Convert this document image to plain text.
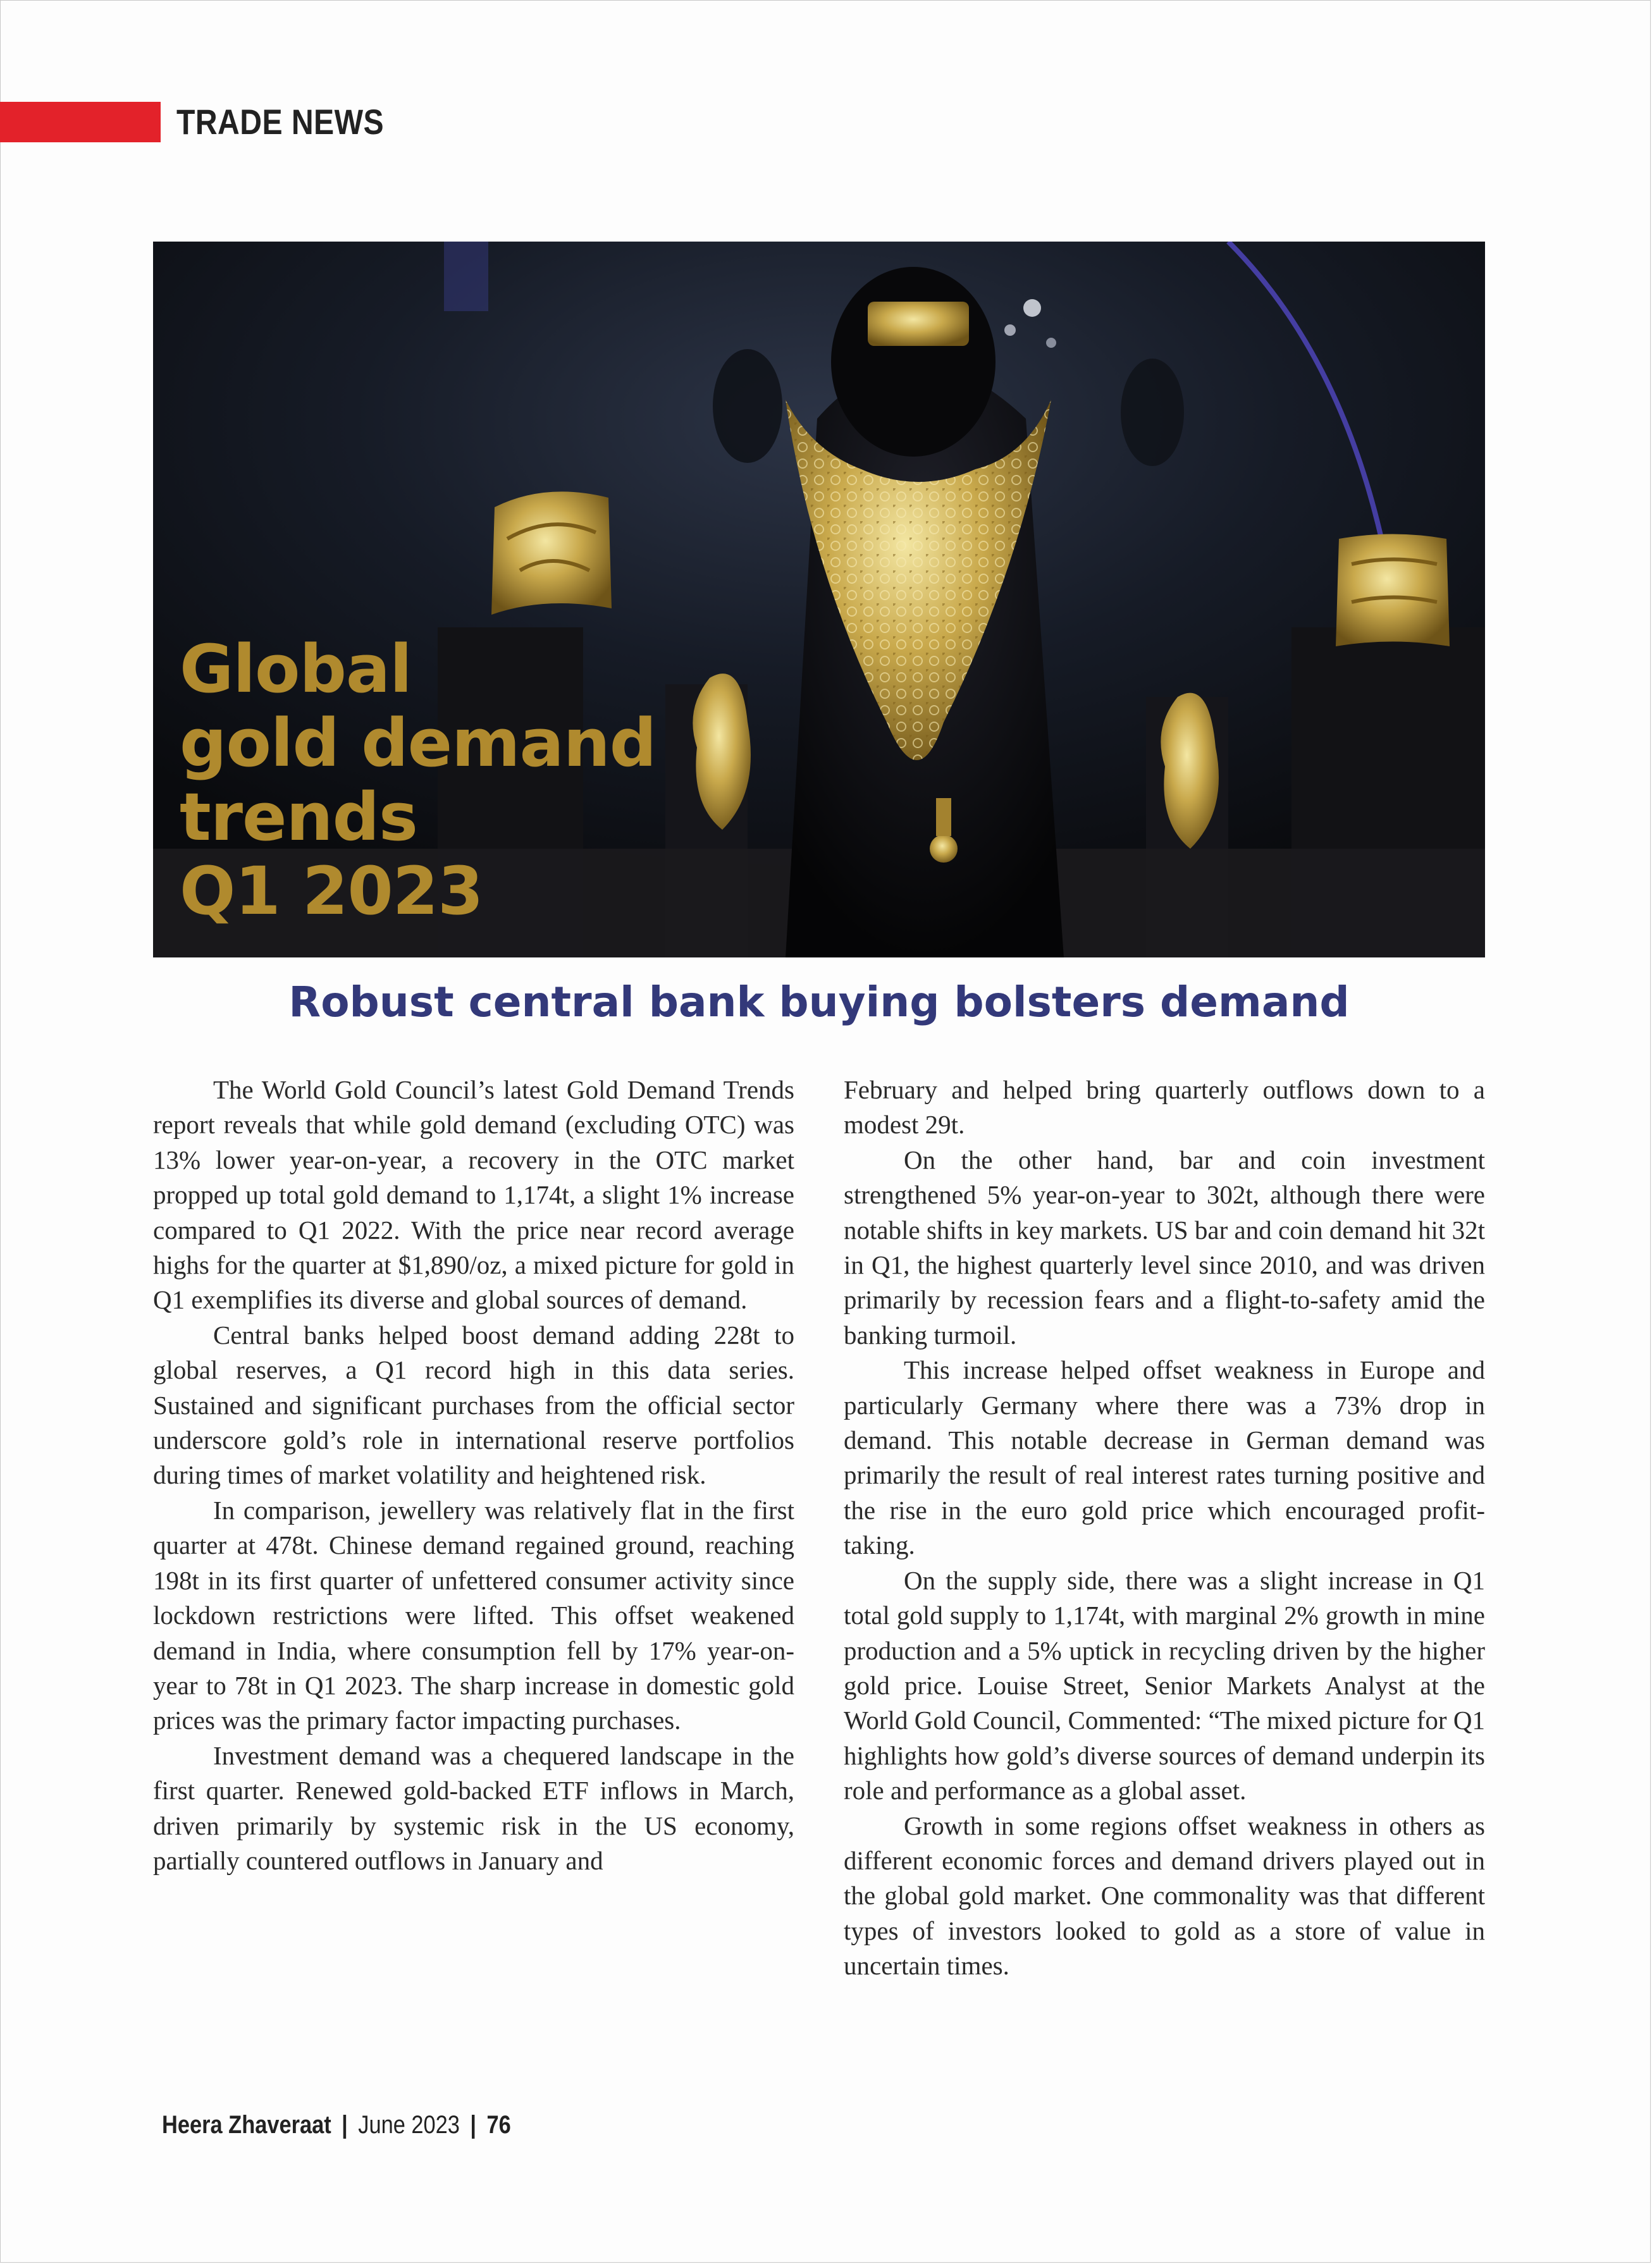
TRADE NEWS
Global
gold demand
trends
Q1 2023
Robust central bank buying bolsters demand

The World Gold Council’s latest Gold Demand Trends report reveals that while gold demand (excluding OTC) was 13% lower year-on-year, a recovery in the OTC market propped up total gold demand to 1,174t, a slight 1% increase compared to Q1 2022. With the price near record average highs for the quarter at $1,890/oz, a mixed picture for gold in Q1 exemplifies its diverse and global sources of demand.

Central banks helped boost demand adding 228t to global reserves, a Q1 record high in this data series. Sustained and significant purchases from the official sector underscore gold’s role in international reserve portfolios during times of market volatility and heightened risk.

In comparison, jewellery was relatively flat in the first quarter at 478t. Chinese demand regained ground, reaching 198t in its first quarter of unfettered consumer activity since lockdown restrictions were lifted. This offset weakened demand in India, where consumption fell by 17% year-on-year to 78t in Q1 2023. The sharp increase in domestic gold prices was the primary factor impacting purchases.

Investment demand was a chequered landscape in the first quarter. Renewed gold-backed ETF inflows in March, driven primarily by systemic risk in the US economy, partially countered outflows in January and

February and helped bring quarterly outflows down to a modest 29t.

On the other hand, bar and coin investment strengthened 5% year-on-year to 302t, although there were notable shifts in key markets. US bar and coin demand hit 32t in Q1, the highest quarterly level since 2010, and was driven primarily by recession fears and a flight-to-safety amid the banking turmoil.

This increase helped offset weakness in Europe and particularly Germany where there was a 73% drop in demand. This notable decrease in German demand was primarily the result of real interest rates turning positive and the rise in the euro gold price which encouraged profit-taking.

On the supply side, there was a slight increase in Q1 total gold supply to 1,174t, with marginal 2% growth in mine production and a 5% uptick in recycling driven by the higher gold price. Louise Street, Senior Markets Analyst at the World Gold Council, Commented: “The mixed picture for Q1 highlights how gold’s diverse sources of demand underpin its role and performance as a global asset.

Growth in some regions offset weakness in others as different economic forces and demand drivers played out in the global gold market. One commonality was that different types of investors looked to gold as a store of value in uncertain times.

Heera Zhaveraat | June 2023 | 76
